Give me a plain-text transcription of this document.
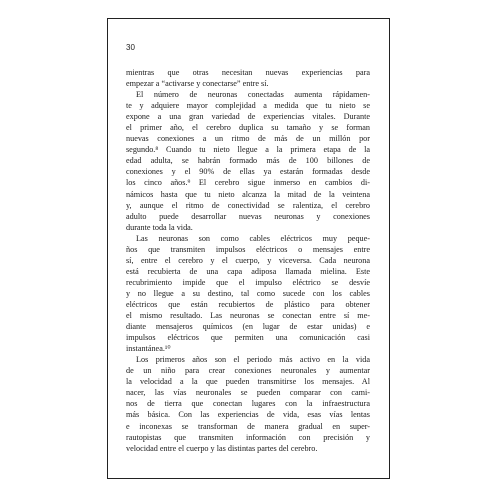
30

mientras que otras necesitan nuevas experiencias para
empezar a “activarse y conectarse” entre sí.

El número de neuronas conectadas aumenta rápidamen-
te y adquiere mayor complejidad a medida que tu nieto se
expone a una gran variedad de experiencias vitales. Durante
el primer año, el cerebro duplica su tamaño y se forman
nuevas conexiones a un ritmo de más de un millón por
segundo.⁸ Cuando tu nieto llegue a la primera etapa de la
edad adulta, se habrán formado más de 100 billones de
conexiones y el 90% de ellas ya estarán formadas desde
los cinco años.⁹ El cerebro sigue inmerso en cambios di-
námicos hasta que tu nieto alcanza la mitad de la veintena
y, aunque el ritmo de conectividad se ralentiza, el cerebro
adulto puede desarrollar nuevas neuronas y conexiones
durante toda la vida.

Las neuronas son como cables eléctricos muy peque-
ños que transmiten impulsos eléctricos o mensajes entre
sí, entre el cerebro y el cuerpo, y viceversa. Cada neurona
está recubierta de una capa adiposa llamada mielina. Este
recubrimiento impide que el impulso eléctrico se desvíe
y no llegue a su destino, tal como sucede con los cables
eléctricos que están recubiertos de plástico para obtener
el mismo resultado. Las neuronas se conectan entre sí me-
diante mensajeros químicos (en lugar de estar unidas) e
impulsos eléctricos que permiten una comunicación casi
instantánea.¹⁰

Los primeros años son el periodo más activo en la vida
de un niño para crear conexiones neuronales y aumentar
la velocidad a la que pueden transmitirse los mensajes. Al
nacer, las vías neuronales se pueden comparar con cami-
nos de tierra que conectan lugares con la infraestructura
más básica. Con las experiencias de vida, esas vías lentas
e inconexas se transforman de manera gradual en super-
rautopistas que transmiten información con precisión y
velocidad entre el cuerpo y las distintas partes del cerebro.
